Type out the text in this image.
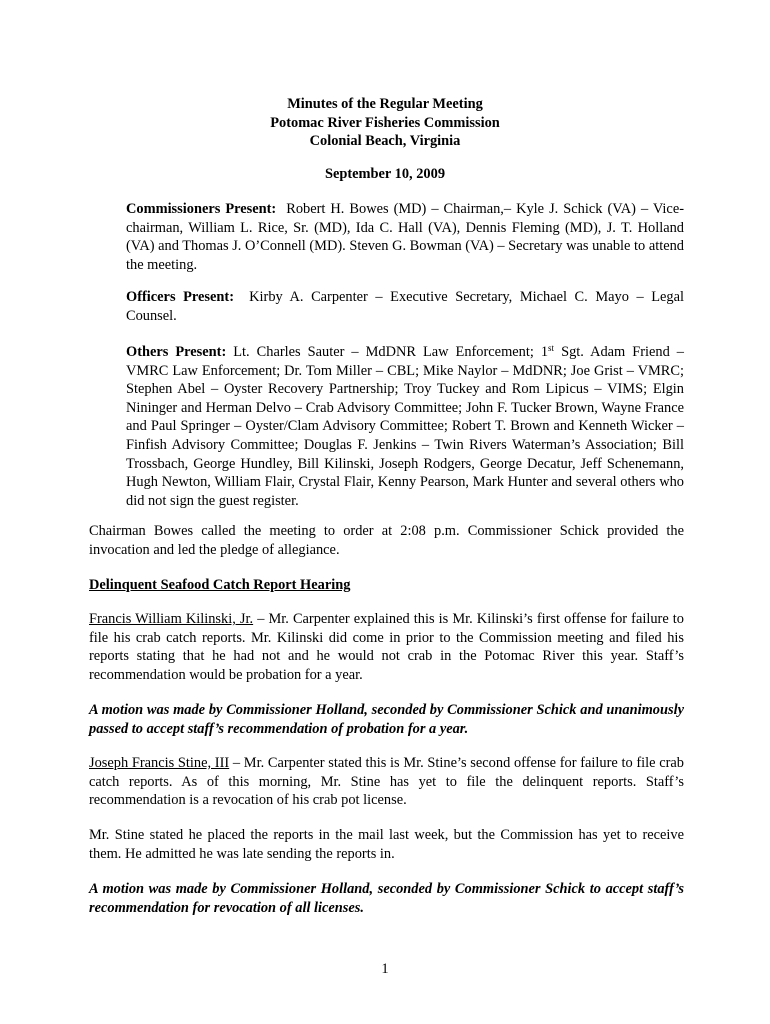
Minutes of the Regular Meeting
Potomac River Fisheries Commission
Colonial Beach, Virginia
September 10, 2009

Commissioners Present: Robert H. Bowes (MD) – Chairman,– Kyle J. Schick (VA) – Vice-chairman, William L. Rice, Sr. (MD), Ida C. Hall (VA), Dennis Fleming (MD), J. T. Holland (VA) and Thomas J. O’Connell (MD). Steven G. Bowman (VA) – Secretary was unable to attend the meeting.

Officers Present: Kirby A. Carpenter – Executive Secretary, Michael C. Mayo – Legal Counsel.

Others Present: Lt. Charles Sauter – MdDNR Law Enforcement; 1st Sgt. Adam Friend – VMRC Law Enforcement; Dr. Tom Miller – CBL; Mike Naylor – MdDNR; Joe Grist – VMRC; Stephen Abel – Oyster Recovery Partnership; Troy Tuckey and Rom Lipicus – VIMS; Elgin Nininger and Herman Delvo – Crab Advisory Committee; John F. Tucker Brown, Wayne France and Paul Springer – Oyster/Clam Advisory Committee; Robert T. Brown and Kenneth Wicker – Finfish Advisory Committee; Douglas F. Jenkins – Twin Rivers Waterman’s Association; Bill Trossbach, George Hundley, Bill Kilinski, Joseph Rodgers, George Decatur, Jeff Schenemann, Hugh Newton, William Flair, Crystal Flair, Kenny Pearson, Mark Hunter and several others who did not sign the guest register.

Chairman Bowes called the meeting to order at 2:08 p.m. Commissioner Schick provided the invocation and led the pledge of allegiance.

Delinquent Seafood Catch Report Hearing

Francis William Kilinski, Jr. – Mr. Carpenter explained this is Mr. Kilinski’s first offense for failure to file his crab catch reports. Mr. Kilinski did come in prior to the Commission meeting and filed his reports stating that he had not and he would not crab in the Potomac River this year. Staff’s recommendation would be probation for a year.

A motion was made by Commissioner Holland, seconded by Commissioner Schick and unanimously passed to accept staff’s recommendation of probation for a year.

Joseph Francis Stine, III – Mr. Carpenter stated this is Mr. Stine’s second offense for failure to file crab catch reports. As of this morning, Mr. Stine has yet to file the delinquent reports. Staff’s recommendation is a revocation of his crab pot license.

Mr. Stine stated he placed the reports in the mail last week, but the Commission has yet to receive them. He admitted he was late sending the reports in.

A motion was made by Commissioner Holland, seconded by Commissioner Schick to accept staff’s recommendation for revocation of all licenses.

1
